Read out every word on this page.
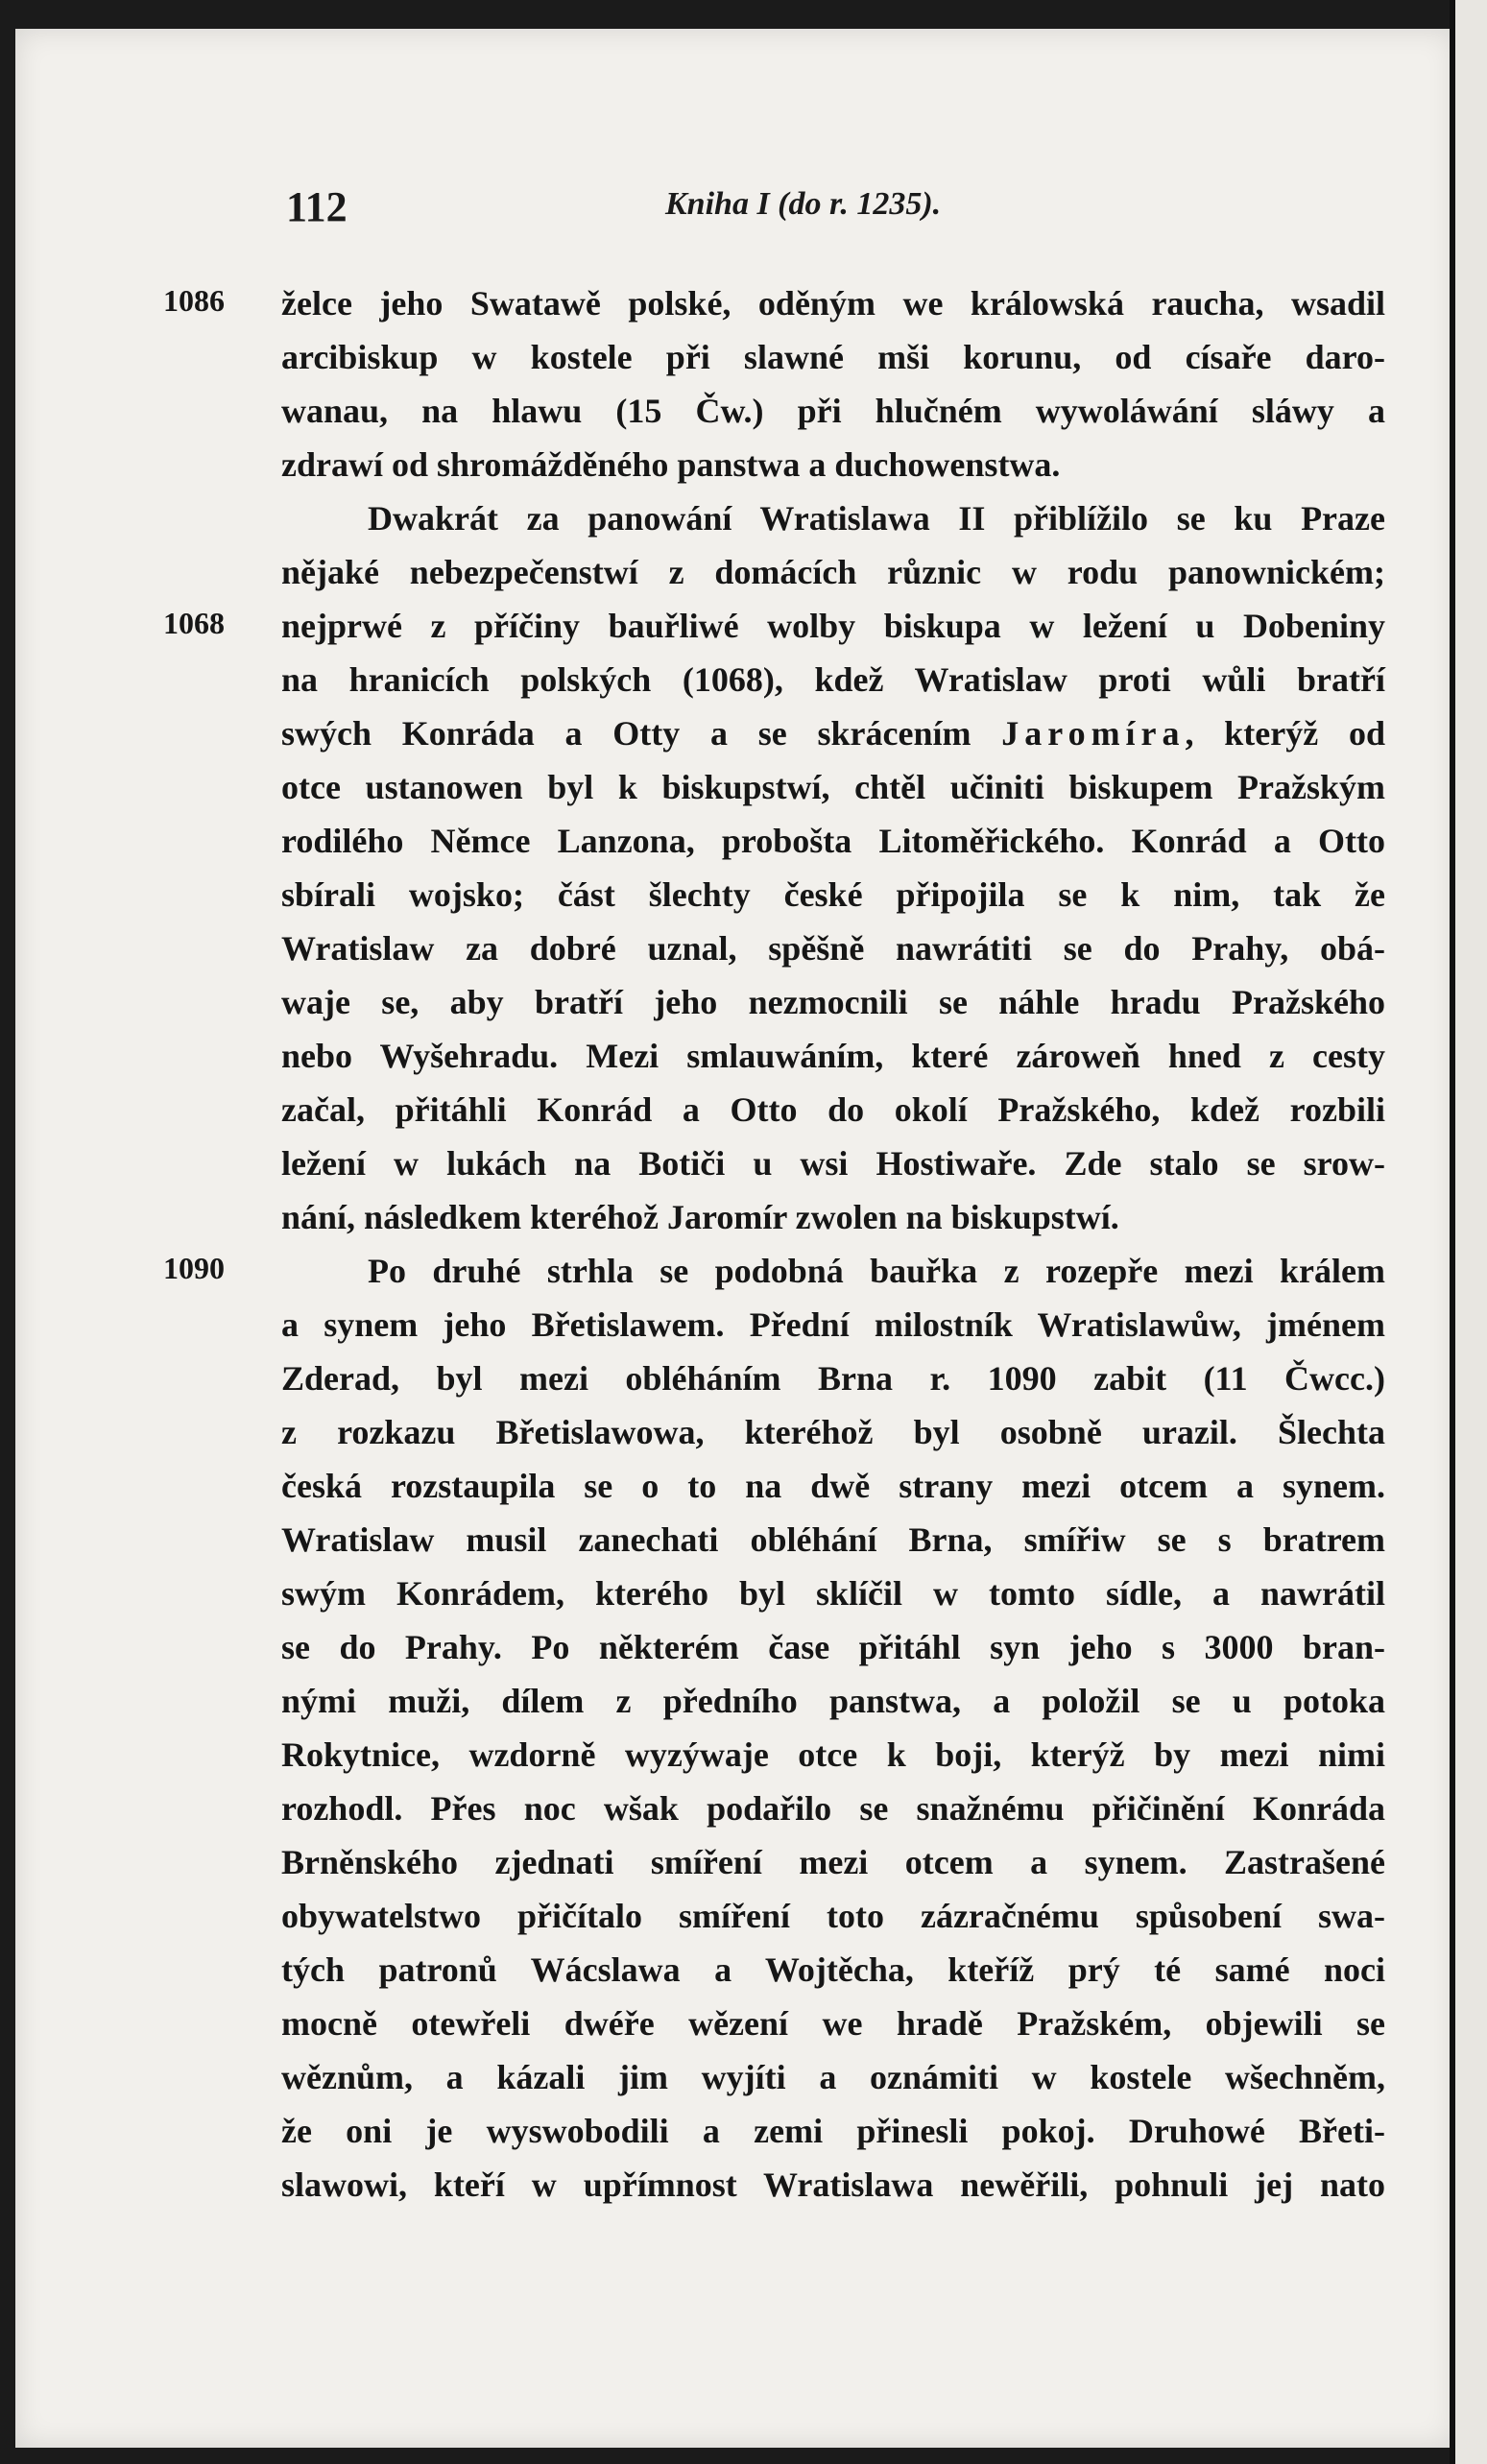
112	Kniha I (do r. 1235).
1086
1068
1090
želce jeho Swatawě polské, oděným we králowská raucha, wsadil
arcibiskup w kostele při slawné mši korunu, od císaře daro-
wanau, na hlawu (15 Čw.) při hlučném wywoláwání sláwy a
zdraw​í od shromážděného panstwa a duchowenstwa.
Dwakrát za panowání Wratislawa II přiblížilo se ku Praze
nějaké nebezpečenstwí z domácích různic w rodu panownickém;
nejprwé z příčiny bauřliwé wolby biskupa w ležení u Dobeniny
na hranicích polských (1068), kdež Wratislaw proti wůli bratří
swých Konráda a Otty a se skrácením Jaromíra, kterýž od
otce ustanowen byl k biskupstwí, chtěl učiniti biskupem Pražským
rodilého Němce Lanzona, probošta Litoměřického. Konrád a Otto
sbírali wojsko; část šlechty české připojila se k nim, tak že
Wratislaw za dobré uznal, spěšně nawrátiti se do Prahy, obá-
waje se, aby bratří jeho nezmocnili se náhle hradu Pražského
nebo Wyšehradu. Mezi smlauwáním, které zároweň hned z cesty
začal, přitáhli Konrád a Otto do okolí Pražského, kdež rozbili
ležení w lukách na Botiči u wsi Hostiwaře. Zde stalo se srow-
nání, následkem kteréhož Jaromír zwolen na biskupstwí.
Po druhé strhla se podobná bauřka z rozepře mezi králem
a synem jeho Břetislawem. Přední milostník Wratislawůw, jménem
Zderad, byl mezi obléháním Brna r. 1090 zabit (11 Čwcc.)
z rozkazu Břetislawowa, kteréhož byl osobně urazil. Šlechta
česká rozstaupila se o to na dwě strany mezi otcem a synem.
Wratislaw musil zanechati obléhání Brna, smířiw se s bratrem
swým Konrádem, kterého byl sklíčil w tomto sídle, a nawrátil
se do Prahy. Po některém čase přitáhl syn jeho s 3000 bran-
nými muži, dílem z předního panstwa, a položil se u potoka
Rokytnice, wzdorně wyzýwaje otce k boji, kterýž by mezi nimi
rozhodl. Přes noc wšak podařilo se snažnému přičinění Konráda
Brněnského zjednati smíření mezi otcem a synem. Zastrašené
obywatelstwo přičítalo smíření toto zázračnému spůsobení swa-
tých patronů Wácslawa a Wojtěcha, kteříž prý té samé noci
mocně otewřeli dwéře wězení we hradě Pražském, objewili se
wěznům, a kázali jim wyjíti a oznámiti w kostele wšechněm,
že oni je wyswobodili a zemi přinesli pokoj. Druhowé Břeti-
slawowi, kteří w upřímnost Wratislawa newěřili, pohnuli jej nato
